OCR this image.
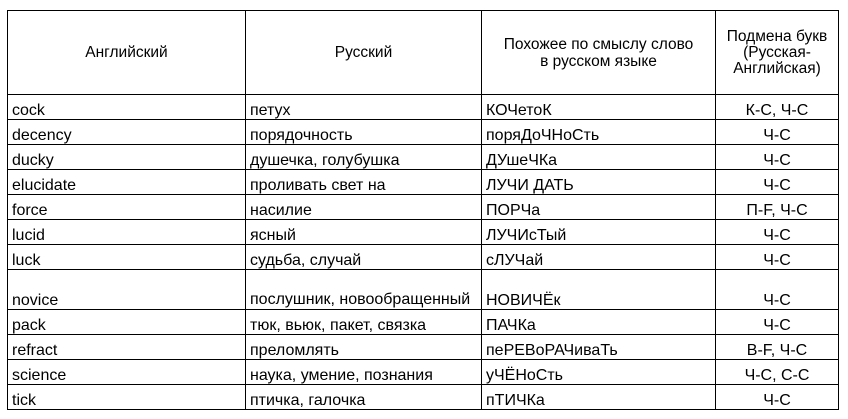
Английский	Русский	Похожее по смыслу слово в русском языке	Подмена букв (Русская-Английская)
cock	петух	КОЧетоК	К-С, Ч-С
decency	порядочность	поряДоЧНоСть	Ч-С
ducky	душечка, голубушка	ДУшеЧКа	Ч-С
elucidate	проливать свет на	ЛУЧИ ДАТЬ	Ч-С
force	насилие	ПОРЧа	П-F, Ч-С
lucid	ясный	ЛУЧИсТый	Ч-С
luck	судьба, случай	сЛУЧай	Ч-С
novice	послушник, новообращенный	НОВИЧЁк	Ч-С
pack	тюк, вьюк, пакет, связка	ПАЧКа	Ч-С
refract	преломлять	пеРЕВоРАЧиваТь	В-F, Ч-С
science	наука, умение, познания	уЧЁНоСть	Ч-С, С-С
tick	птичка, галочка	пТИЧКа	Ч-С
